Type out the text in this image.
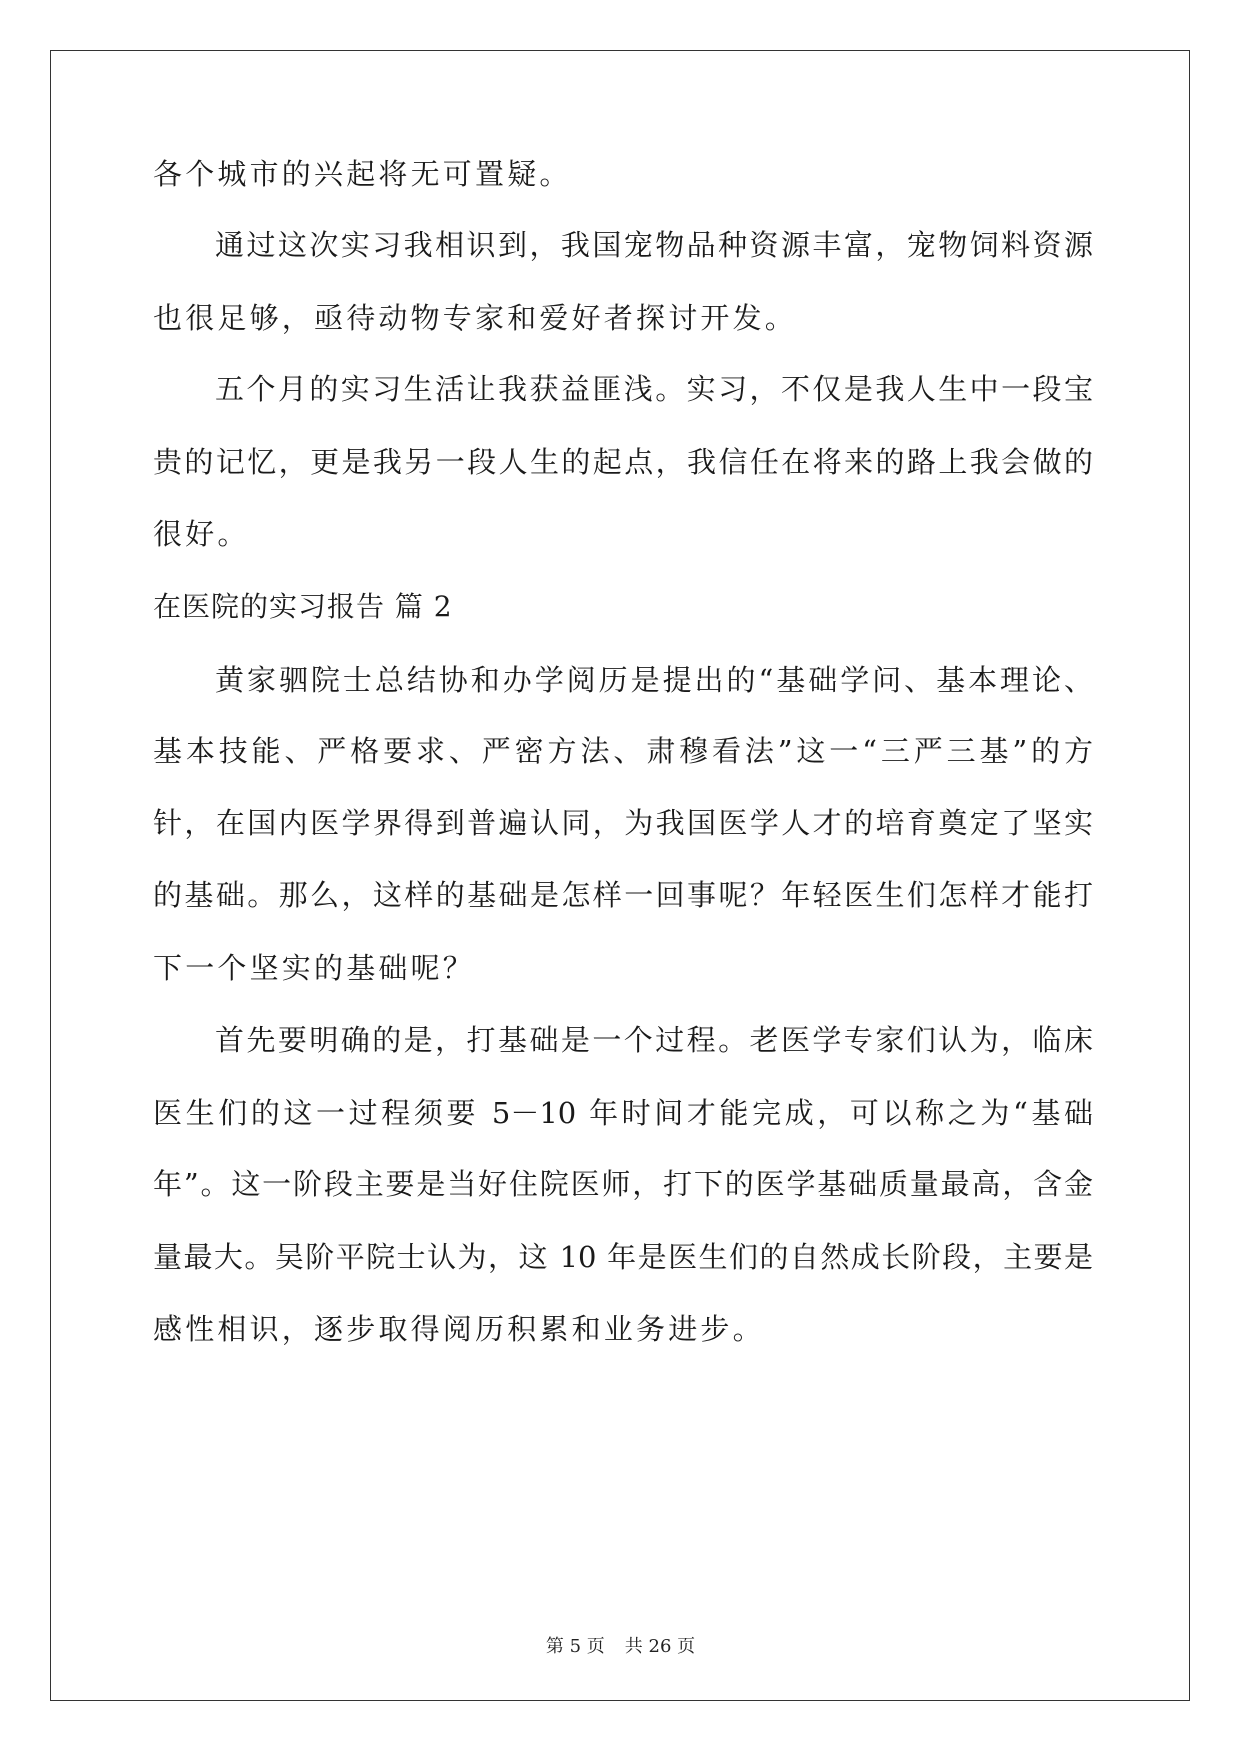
各个城市的兴起将无可置疑。
通过这次实习我相识到，我国宠物品种资源丰富，宠物饲料资源
也很足够，亟待动物专家和爱好者探讨开发。
五个月的实习生活让我获益匪浅。实习，不仅是我人生中一段宝
贵的记忆，更是我另一段人生的起点，我信任在将来的路上我会做的
很好。
在医院的实习报告 篇 2
黄家驷院士总结协和办学阅历是提出的“基础学问、基本理论、
基本技能、严格要求、严密方法、肃穆看法”这一“三严三基”的方
针，在国内医学界得到普遍认同，为我国医学人才的培育奠定了坚实
的基础。那么，这样的基础是怎样一回事呢？年轻医生们怎样才能打
下一个坚实的基础呢？
首先要明确的是，打基础是一个过程。老医学专家们认为，临床
医生们的这一过程须要 5－10 年时间才能完成，可以称之为“基础
年”。这一阶段主要是当好住院医师，打下的医学基础质量最高，含金
量最大。吴阶平院士认为，这 10 年是医生们的自然成长阶段，主要是
感性相识，逐步取得阅历积累和业务进步。
第 5 页 共 26 页
